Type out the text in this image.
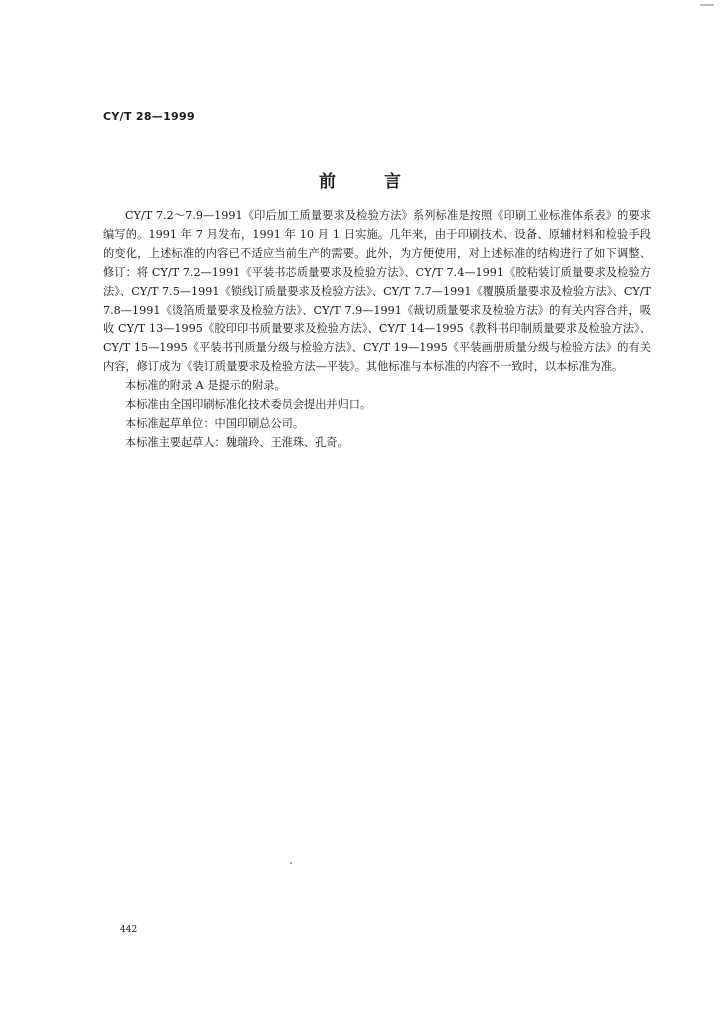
CY/T 28—1999
前言

CY/T 7.2～7.9—1991《印后加工质量要求及检验方法》系列标准是按照《印刷工业标准体系表》的要求编写的。1991 年 7 月发布，1991 年 10 月 1 日实施。几年来，由于印刷技术、设备、原辅材料和检验手段的变化，上述标准的内容已不适应当前生产的需要。此外，为方便使用，对上述标准的结构进行了如下调整、修订：将 CY/T 7.2—1991《平装书芯质量要求及检验方法》、CY/T 7.4—1991《胶粘装订质量要求及检验方法》、CY/T 7.5—1991《锁线订质量要求及检验方法》、CY/T 7.7—1991《覆膜质量要求及检验方法》、CY/T 7.8—1991《烫箔质量要求及检验方法》、CY/T 7.9—1991《裁切质量要求及检验方法》的有关内容合并，吸收 CY/T 13—1995《胶印印书质量要求及检验方法》、CY/T 14—1995《教科书印制质量要求及检验方法》、CY/T 15—1995《平装书刊质量分级与检验方法》、CY/T 19—1995《平装画册质量分级与检验方法》的有关内容，修订成为《装订质量要求及检验方法—平装》。其他标准与本标准的内容不一致时，以本标准为准。

本标准的附录 A 是提示的附录。

本标准由全国印刷标准化技术委员会提出并归口。

本标准起草单位：中国印刷总公司。

本标准主要起草人：魏瑞玲、王淮珠、孔奇。

442
